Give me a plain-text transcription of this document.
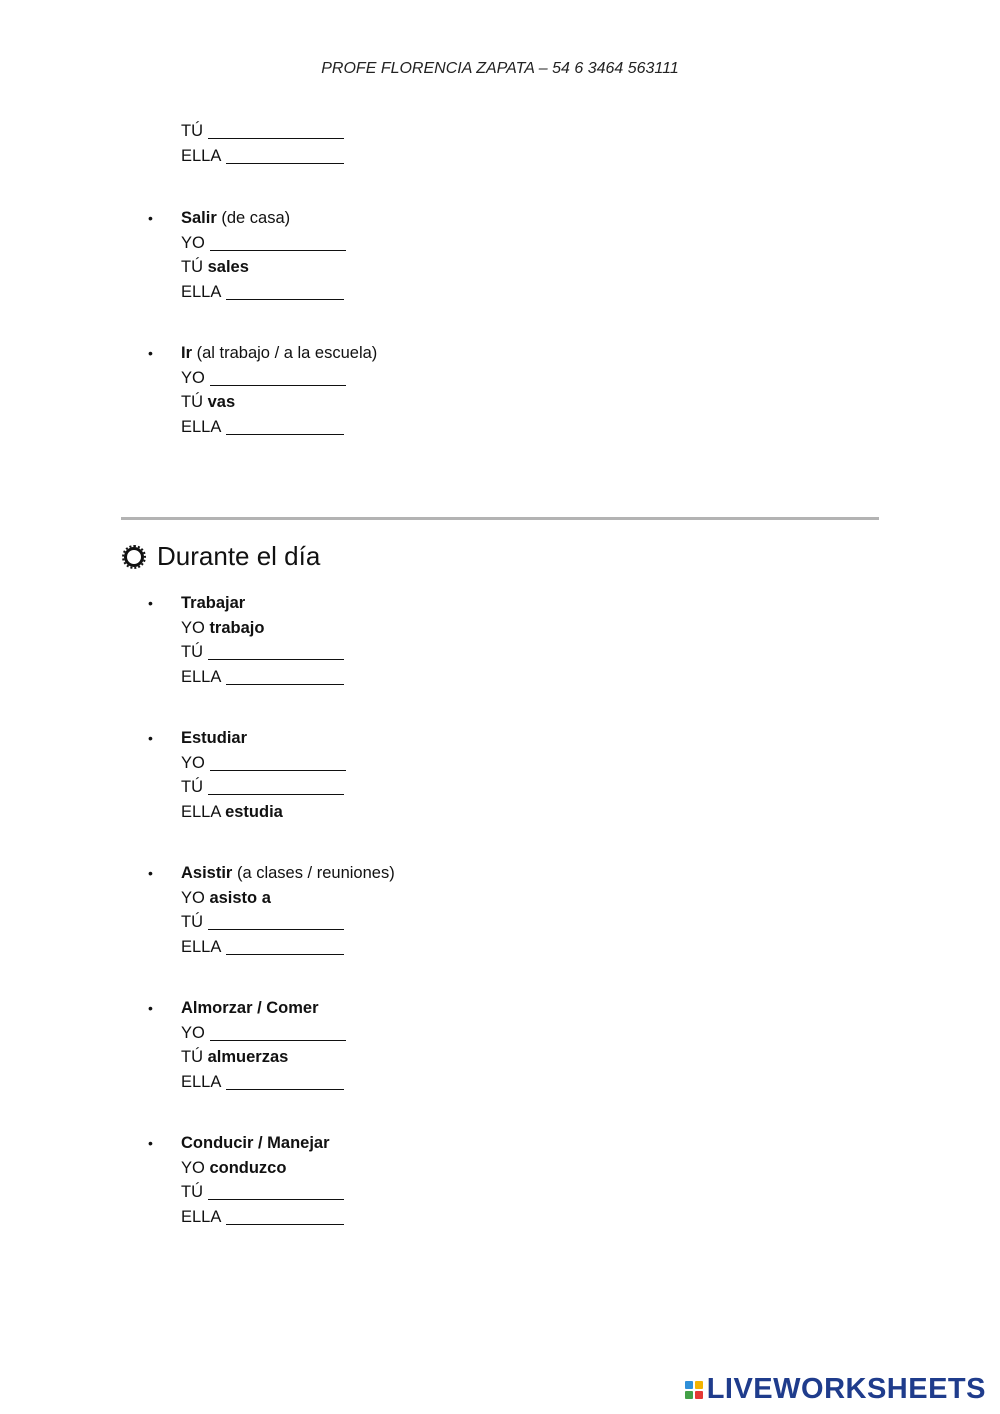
PROFE FLORENCIA ZAPATA – 54 6 3464 563111
TÚ
ELLA
• Salir (de casa)
YO
TÚ sales
ELLA
• Ir (al trabajo / a la escuela)
YO
TÚ vas
ELLA
Durante el día
• Trabajar
YO trabajo
TÚ
ELLA
• Estudiar
YO
TÚ
ELLA estudia
• Asistir (a clases / reuniones)
YO asisto a
TÚ
ELLA
• Almorzar / Comer
YO
TÚ almuerzas
ELLA
• Conducir / Manejar
YO conduzco
TÚ
ELLA
LIVEWORKSHEETS
